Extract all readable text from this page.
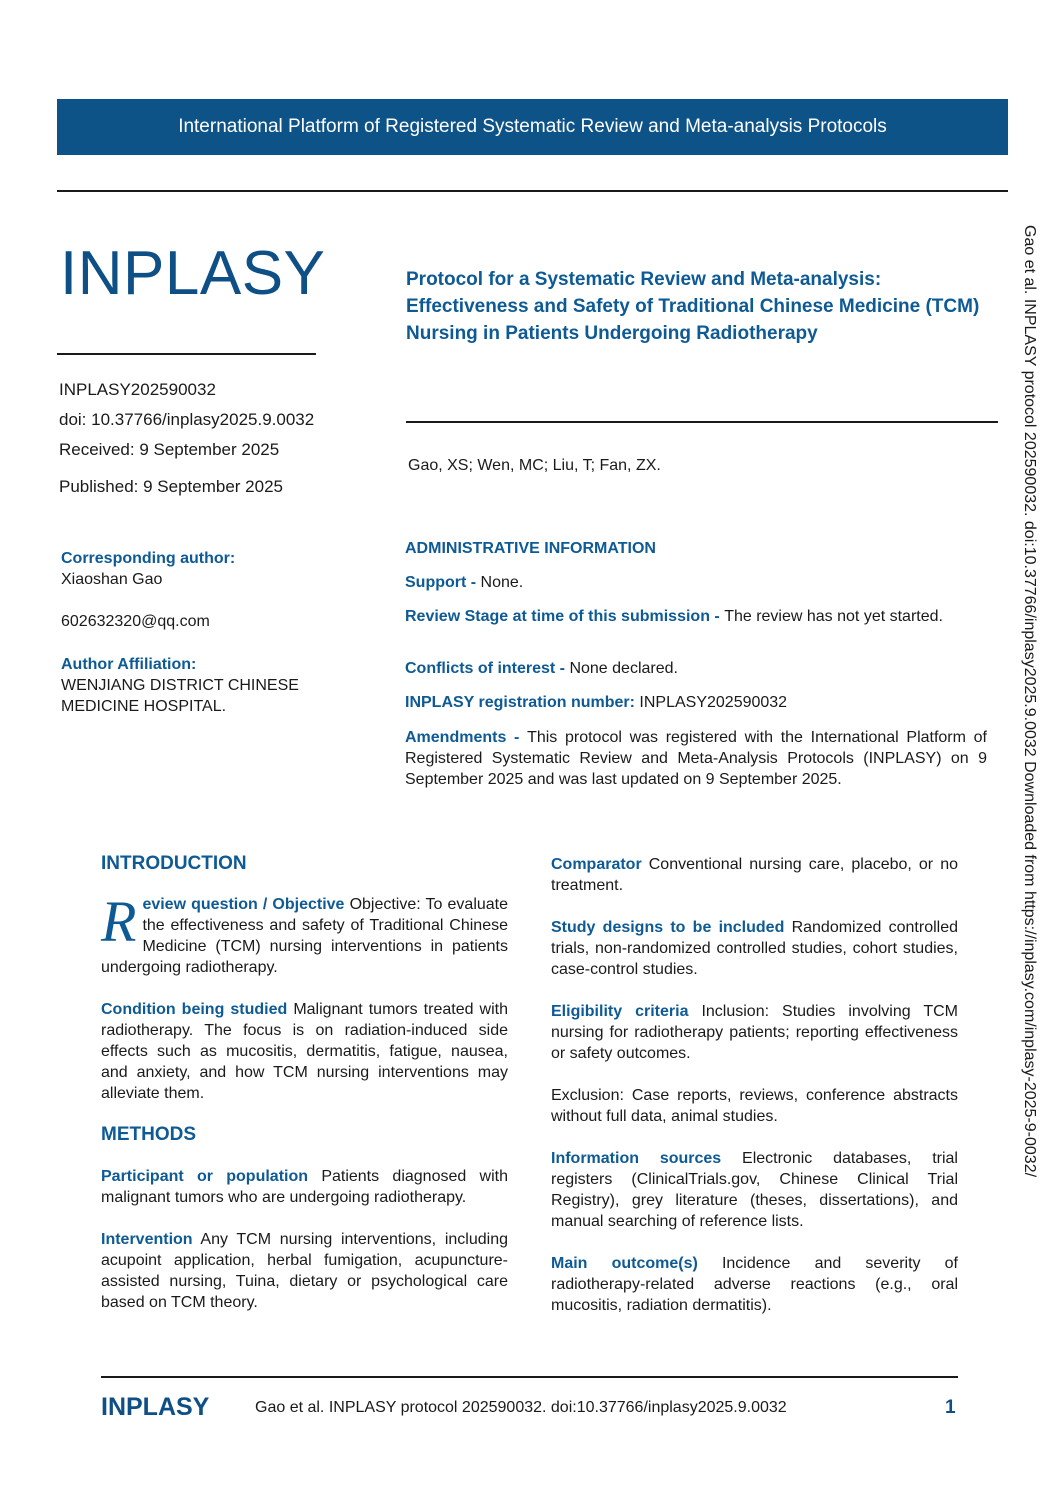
International Platform of Registered Systematic Review and Meta-analysis Protocols
INPLASY	Protocol for a Systematic Review and Meta-analysis: Effectiveness and Safety of Traditional Chinese Medicine (TCM) Nursing in Patients Undergoing Radiotherapy
INPLASY202590032
doi: 10.37766/inplasy2025.9.0032
Received: 9 September 2025
Published: 9 September 2025
Gao, XS; Wen, MC; Liu, T; Fan, ZX.
Corresponding author:
Xiaoshan Gao
602632320@qq.com
Author Affiliation:
WENJIANG DISTRICT CHINESE MEDICINE HOSPITAL.
ADMINISTRATIVE INFORMATION
Support - None.
Review Stage at time of this submission - The review has not yet started.
Conflicts of interest - None declared.
INPLASY registration number: INPLASY202590032
Amendments - This protocol was registered with the International Platform of Registered Systematic Review and Meta-Analysis Protocols (INPLASY) on 9 September 2025 and was last updated on 9 September 2025.
INTRODUCTION
Review question / Objective Objective: To evaluate the effectiveness and safety of Traditional Chinese Medicine (TCM) nursing interventions in patients undergoing radiotherapy.
Condition being studied Malignant tumors treated with radiotherapy. The focus is on radiation-induced side effects such as mucositis, dermatitis, fatigue, nausea, and anxiety, and how TCM nursing interventions may alleviate them.
METHODS
Participant or population Patients diagnosed with malignant tumors who are undergoing radiotherapy.
Intervention Any TCM nursing interventions, including acupoint application, herbal fumigation, acupuncture-assisted nursing, Tuina, dietary or psychological care based on TCM theory.
Comparator Conventional nursing care, placebo, or no treatment.
Study designs to be included Randomized controlled trials, non-randomized controlled studies, cohort studies, case-control studies.
Eligibility criteria Inclusion: Studies involving TCM nursing for radiotherapy patients; reporting effectiveness or safety outcomes.
Exclusion: Case reports, reviews, conference abstracts without full data, animal studies.
Information sources Electronic databases, trial registers (ClinicalTrials.gov, Chinese Clinical Trial Registry), grey literature (theses, dissertations), and manual searching of reference lists.
Main outcome(s) Incidence and severity of radiotherapy-related adverse reactions (e.g., oral mucositis, radiation dermatitis).
Gao et al. INPLASY protocol 202590032. doi:10.37766/inplasy2025.9.0032 Downloaded from https://inplasy.com/inplasy-2025-9-0032/
INPLASY	Gao et al. INPLASY protocol 202590032. doi:10.37766/inplasy2025.9.0032	1
